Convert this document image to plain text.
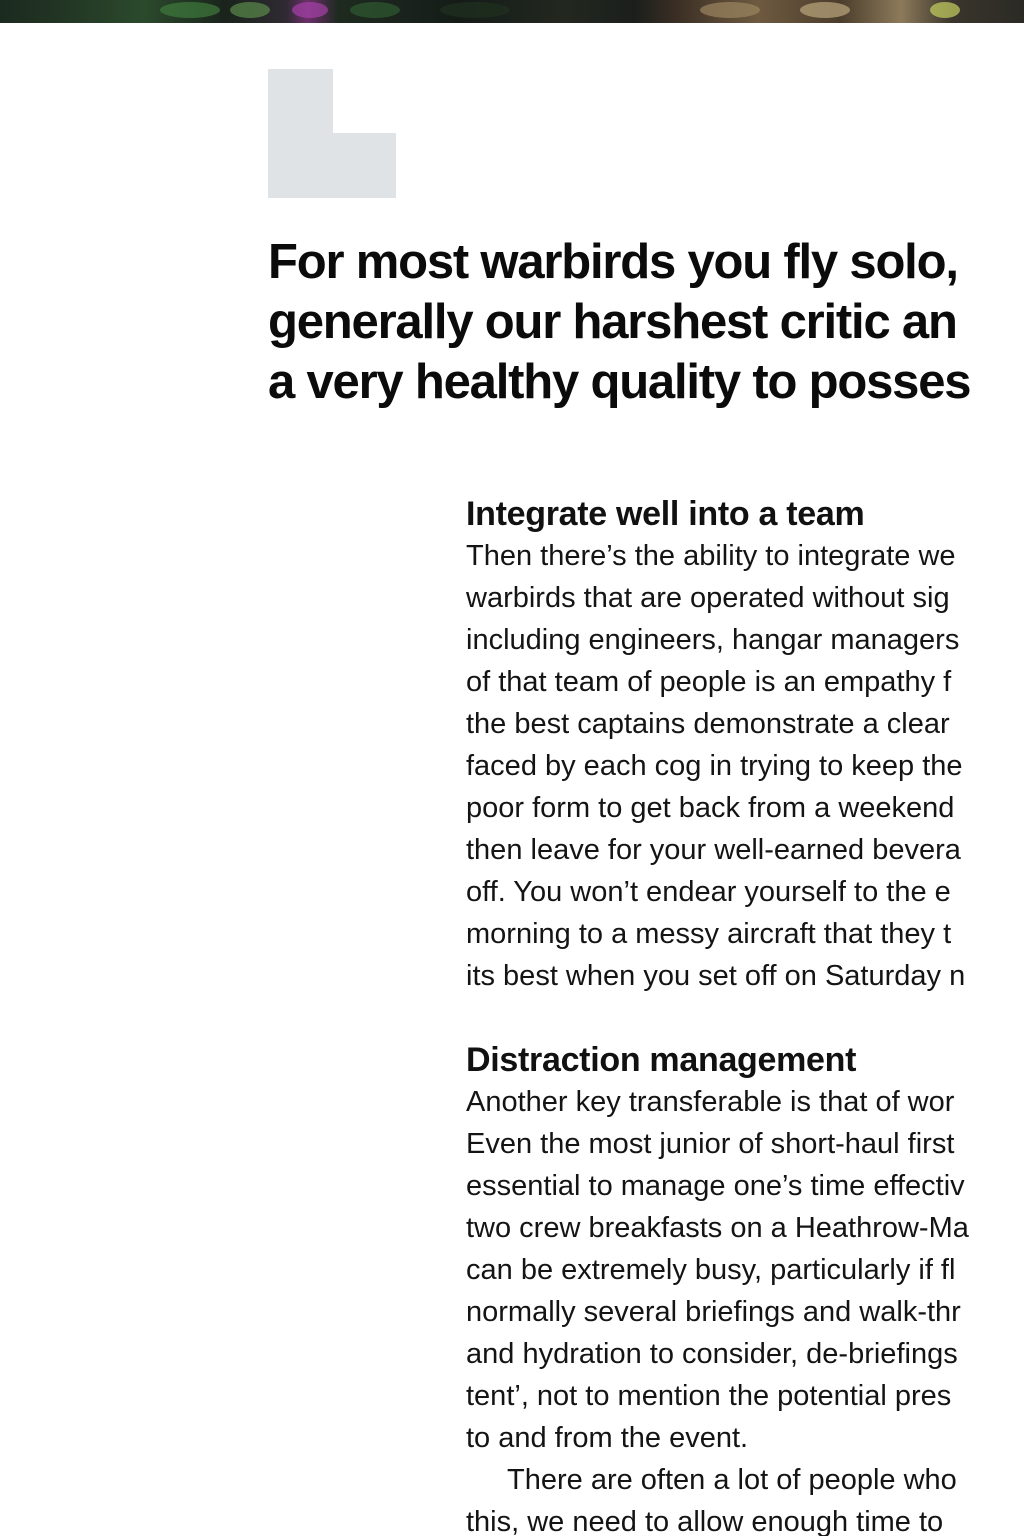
For most warbirds you fly solo,
generally our harshest critic an
a very healthy quality to posses
Integrate well into a team
Then there’s the ability to integrate we
warbirds that are operated without sig
including engineers, hangar managers
of that team of people is an empathy f
the best captains demonstrate a clear
faced by each cog in trying to keep the
poor form to get back from a weekend
then leave for your well-earned bevera
off. You won’t endear yourself to the e
morning to a messy aircraft that they t
its best when you set off on Saturday n
Distraction management
Another key transferable is that of wor
Even the most junior of short-haul first
essential to manage one’s time effectiv
two crew breakfasts on a Heathrow-Ma
can be extremely busy, particularly if fl
normally several briefings and walk-thr
and hydration to consider, de-briefings
tent’, not to mention the potential pres
to and from the event.
There are often a lot of people who
this, we need to allow enough time to
